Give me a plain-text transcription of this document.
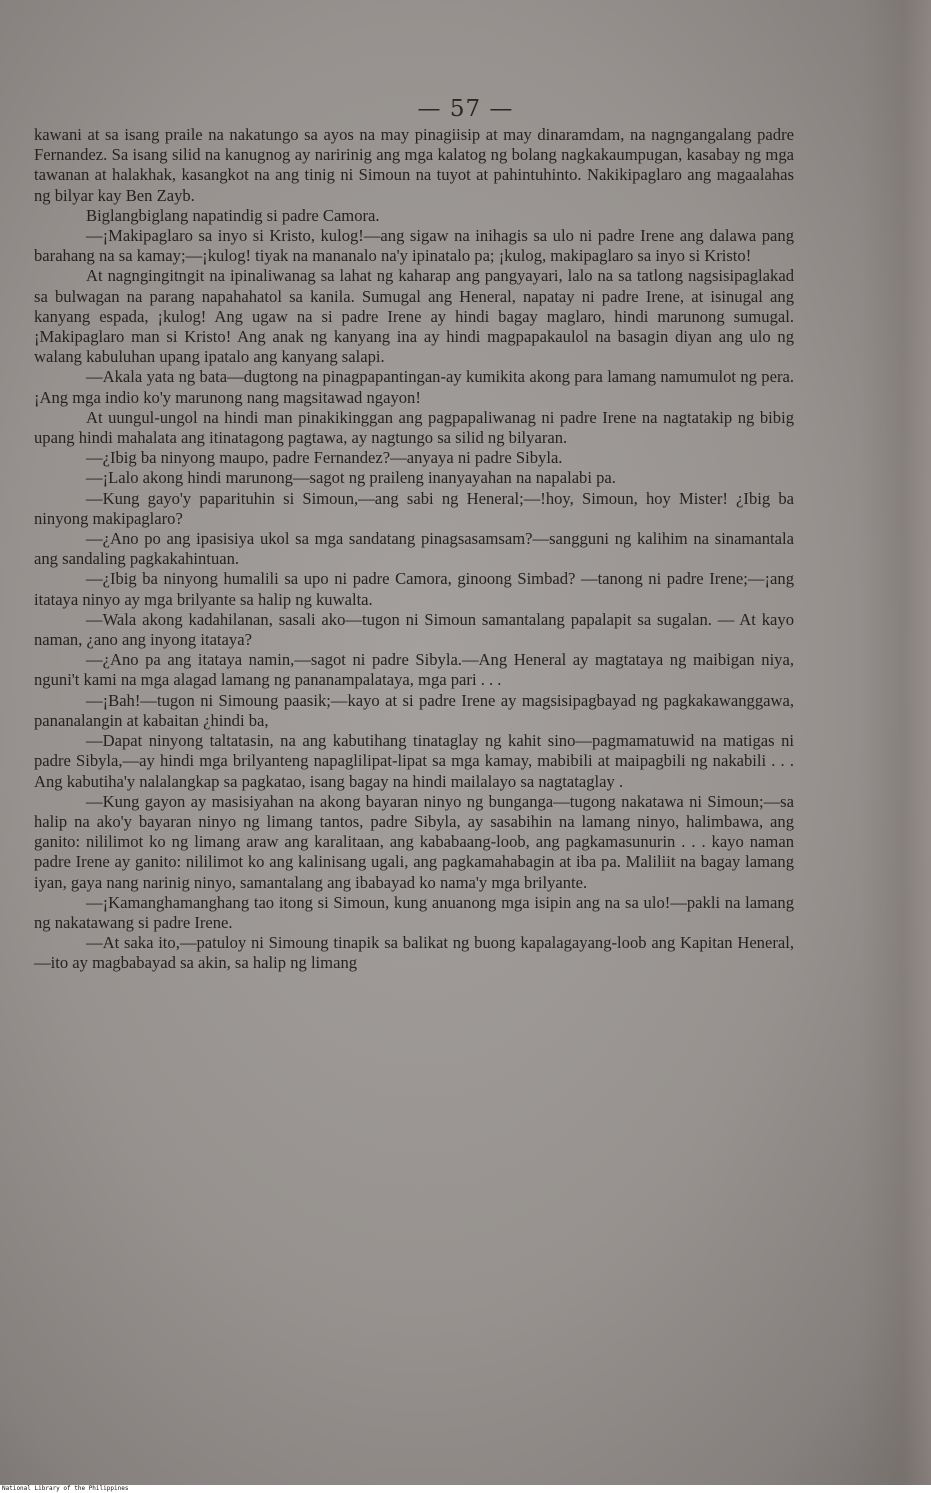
— 57 —

kawani at sa isang praile na nakatungo sa ayos na may pinagiisip at may dinaramdam, na nagngangalang padre Fernandez. Sa isang silid na kanugnog ay naririnig ang mga kalatog ng bolang nagkakaumpugan, kasabay ng mga tawanan at halakhak, kasangkot na ang tinig ni Simoun na tuyot at pahintuhinto. Nakikipaglaro ang magaalahas ng bilyar kay Ben Zayb.

Biglangbiglang napatindig si padre Camora.

—¡Makipaglaro sa inyo si Kristo, kulog!—ang sigaw na inihagis sa ulo ni padre Irene ang dalawa pang barahang na sa kamay;—¡kulog! tiyak na mananalo na'y ipinatalo pa; ¡kulog, makipaglaro sa inyo si Kristo!

At nagngingitngit na ipinaliwanag sa lahat ng kaharap ang pangyayari, lalo na sa tatlong nagsisipaglakad sa bulwagan na parang napahahatol sa kanila. Sumugal ang Heneral, napatay ni padre Irene, at isinugal ang kanyang espada, ¡kulog! Ang ugaw na si padre Irene ay hindi bagay maglaro, hindi marunong sumugal. ¡Makipaglaro man si Kristo! Ang anak ng kanyang ina ay hindi magpapakaulol na basagin diyan ang ulo ng walang kabuluhan upang ipatalo ang kanyang salapi.

—Akala yata ng bata—dugtong na pinagpapantingan-ay kumikita akong para lamang namumulot ng pera. ¡Ang mga indio ko'y marunong nang magsitawad ngayon!

At uungul-ungol na hindi man pinakikinggan ang pagpapaliwanag ni padre Irene na nagtatakip ng bibig upang hindi mahalata ang itinatagong pagtawa, ay nagtungo sa silid ng bilyaran.

—¿Ibig ba ninyong maupo, padre Fernandez?—anyaya ni padre Sibyla.

—¡Lalo akong hindi marunong—sagot ng praileng inanyayahan na napalabi pa.

—Kung gayo'y paparituhin si Simoun,—ang sabi ng Heneral;—!hoy, Simoun, hoy Mister! ¿Ibig ba ninyong makipaglaro?

—¿Ano po ang ipasisiya ukol sa mga sandatang pinagsasamsam?—sangguni ng kalihim na sinamantala ang sandaling pagkakahintuan.

—¿Ibig ba ninyong humalili sa upo ni padre Camora, ginoong Simbad? —tanong ni padre Irene;—¡ang itataya ninyo ay mga brilyante sa halip ng kuwalta.

—Wala akong kadahilanan, sasali ako—tugon ni Simoun samantalang papalapit sa sugalan. — At kayo naman, ¿ano ang inyong itataya?

—¿Ano pa ang itataya namin,—sagot ni padre Sibyla.—Ang Heneral ay magtataya ng maibigan niya, nguni't kami na mga alagad lamang ng pananampalataya, mga pari . . .

—¡Bah!—tugon ni Simoung paasik;—kayo at si padre Irene ay magsisipagbayad ng pagkakawanggawa, pananalangin at kabaitan ¿hindi ba,

—Dapat ninyong taltatasin, na ang kabutihang tinataglay ng kahit sino—pagmamatuwid na matigas ni padre Sibyla,—ay hindi mga brilyanteng napaglilipat-lipat sa mga kamay, mabibili at maipagbili ng nakabili . . . Ang kabutiha'y nalalangkap sa pagkatao, isang bagay na hindi mailalayo sa nagtataglay .

—Kung gayon ay masisiyahan na akong bayaran ninyo ng bunganga—tugong nakatawa ni Simoun;—sa halip na ako'y bayaran ninyo ng limang tantos, padre Sibyla, ay sasabihin na lamang ninyo, halimbawa, ang ganito: nililimot ko ng limang araw ang karalitaan, ang kababaang-loob, ang pagkamasunurin . . . kayo naman padre Irene ay ganito: nililimot ko ang kalinisang ugali, ang pagkamahabagin at iba pa. Maliliit na bagay lamang iyan, gaya nang narinig ninyo, samantalang ang ibabayad ko nama'y mga brilyante.

—¡Kamanghamanghang tao itong si Simoun, kung anuanong mga isipin ang na sa ulo!—pakli na lamang ng nakatawang si padre Irene.

—At saka ito,—patuloy ni Simoung tinapik sa balikat ng buong kapalagayang-loob ang Kapitan Heneral,—ito ay magbabayad sa akin, sa halip ng limang

National Library of the Philippines
